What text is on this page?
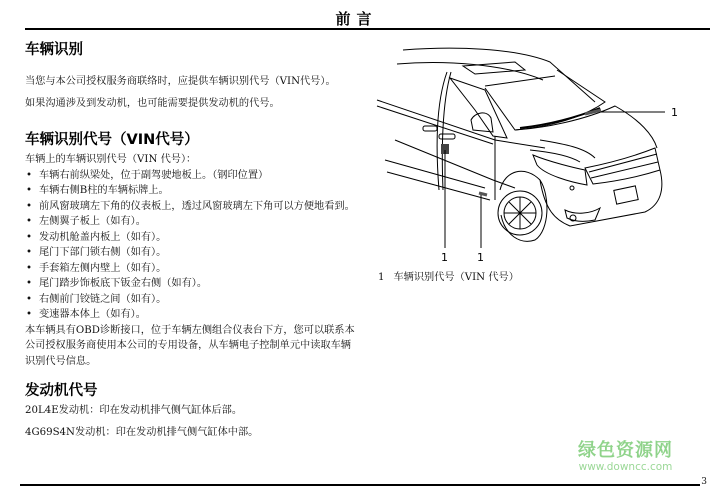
前言
车辆识别

当您与本公司授权服务商联络时，应提供车辆识别代号（VIN代号）。

如果沟通涉及到发动机，也可能需要提供发动机的代号。

车辆识别代号（VIN代号）

车辆上的车辆识别代号（VIN 代号）：

• 车辆右前纵梁处，位于副驾驶地板上。（钢印位置）
• 车辆右侧B柱的车辆标牌上。
• 前风窗玻璃左下角的仪表板上，透过风窗玻璃左下角可以方便地看到。
• 左侧翼子板上（如有）。
• 发动机舱盖内板上（如有）。
• 尾门下部门锁右侧（如有）。
• 手套箱左侧内壁上（如有）。
• 尾门踏步饰板底下钣金右侧（如有）。
• 右侧前门铰链之间（如有）。
• 变速器本体上（如有）。

本车辆具有OBD诊断接口，位于车辆左侧组合仪表台下方，您可以联系本公司授权服务商使用本公司的专用设备，从车辆电子控制单元中读取车辆识别代号信息。

发动机代号

20L4E发动机：印在发动机排气侧气缸体后部。

4G69S4N发动机：印在发动机排气侧气缸体中部。

1
1	1
1 车辆识别代号（VIN 代号）
绿色资源网
www.downcc.com
3
